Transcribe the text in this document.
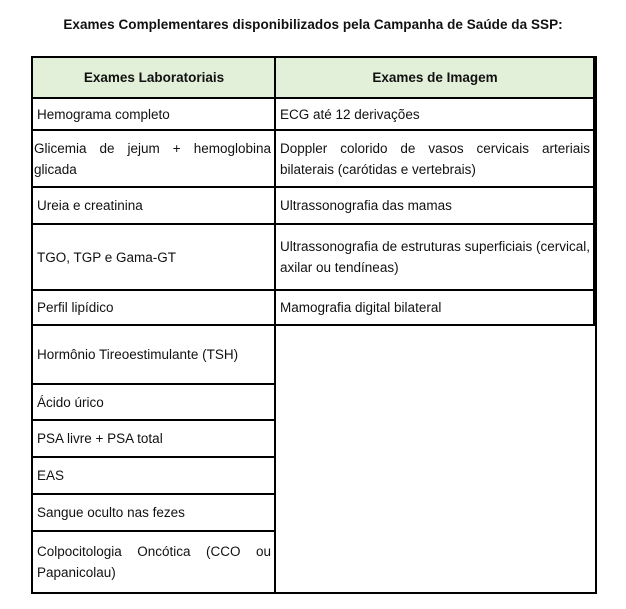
Exames Complementares disponibilizados pela Campanha de Saúde da SSP:
Exames Laboratoriais
Hemograma completo
Glicemia de jejum + hemoglobina glicada
Ureia e creatinina
TGO, TGP e Gama-GT
Perfil lipídico
Hormônio Tireoestimulante (TSH)
Ácido úrico
PSA livre + PSA total
EAS
Sangue oculto nas fezes
Colpocitologia Oncótica (CCO ou Papanicolau)
Exames de Imagem
ECG até 12 derivações
Doppler colorido de vasos cervicais arteriais bilaterais (carótidas e vertebrais)
Ultrassonografia das mamas
Ultrassonografia de estruturas superficiais (cervical, axilar ou tendíneas)
Mamografia digital bilateral
